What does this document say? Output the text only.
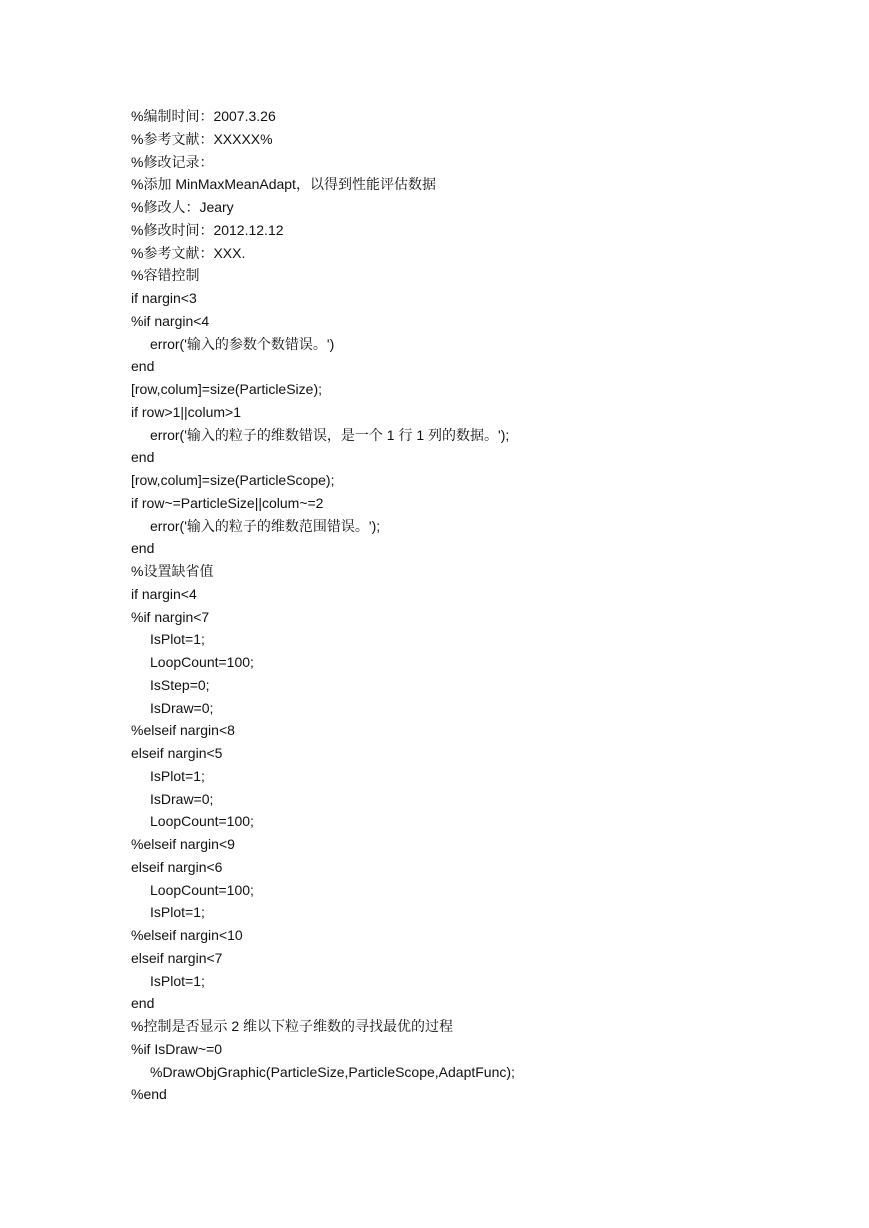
%编制时间：2007.3.26
%参考文献：XXXXX%
%修改记录：
%添加 MinMaxMeanAdapt，以得到性能评估数据
%修改人：Jeary
%修改时间：2012.12.12
%参考文献：XXX.
%容错控制
if nargin<3
%if nargin<4
error('输入的参数个数错误。')
end
[row,colum]=size(ParticleSize);
if row>1||colum>1
error('输入的粒子的维数错误，是一个 1 行 1 列的数据。');
end
[row,colum]=size(ParticleScope);
if row~=ParticleSize||colum~=2
error('输入的粒子的维数范围错误。');
end
%设置缺省值
if nargin<4
%if nargin<7
IsPlot=1;
LoopCount=100;
IsStep=0;
IsDraw=0;
%elseif nargin<8
elseif nargin<5
IsPlot=1;
IsDraw=0;
LoopCount=100;
%elseif nargin<9
elseif nargin<6
LoopCount=100;
IsPlot=1;
%elseif nargin<10
elseif nargin<7
IsPlot=1;
end
%控制是否显示 2 维以下粒子维数的寻找最优的过程
%if IsDraw~=0
%DrawObjGraphic(ParticleSize,ParticleScope,AdaptFunc);
%end
